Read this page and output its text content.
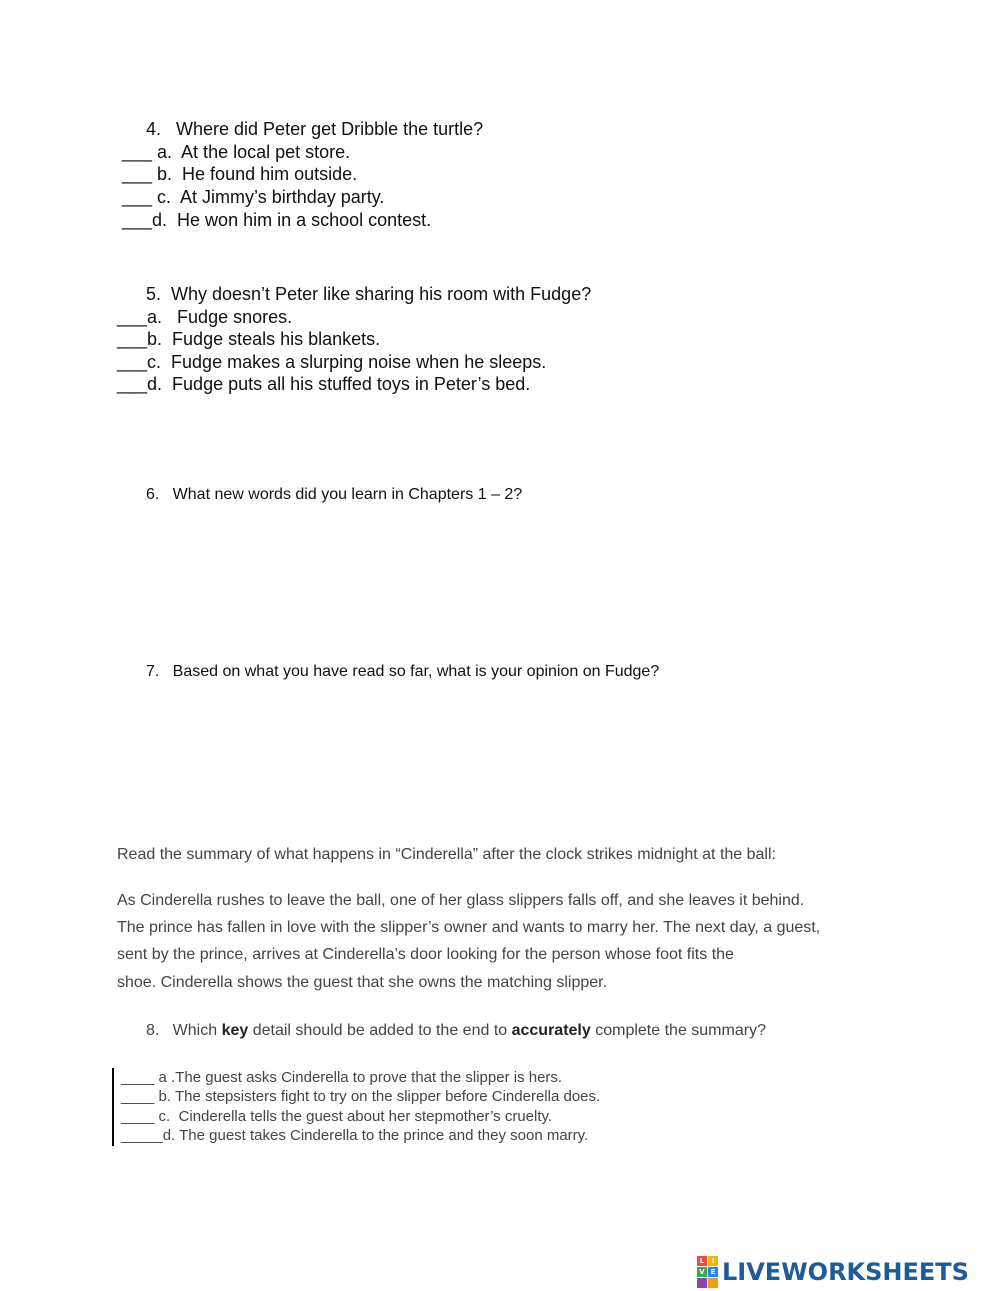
4.   Where did Peter get Dribble the turtle?
___ a.  At the local pet store.
___ b.  He found him outside.
___ c.  At Jimmy’s birthday party.
___d.  He won him in a school contest.
5.  Why doesn’t Peter like sharing his room with Fudge?
___a.   Fudge snores.
___b.  Fudge steals his blankets.
___c.  Fudge makes a slurping noise when he sleeps.
___d.  Fudge puts all his stuffed toys in Peter’s bed.
6.   What new words did you learn in Chapters 1 – 2?
7.   Based on what you have read so far, what is your opinion on Fudge?
Read the summary of what happens in “Cinderella” after the clock strikes midnight at the ball:
As Cinderella rushes to leave the ball, one of her glass slippers falls off, and she leaves it behind.
The prince has fallen in love with the slipper’s owner and wants to marry her. The next day, a guest,
sent by the prince, arrives at Cinderella’s door looking for the person whose foot fits the
shoe. Cinderella shows the guest that she owns the matching slipper.
8.   Which key detail should be added to the end to accurately complete the summary?
____ a .The guest asks Cinderella to prove that the slipper is hers.
____ b. The stepsisters fight to try on the slipper before Cinderella does.
____ c.  Cinderella tells the guest about her stepmother’s cruelty.
_____d. The guest takes Cinderella to the prince and they soon marry.
L	I
V E LIVEWORKSHEETS
